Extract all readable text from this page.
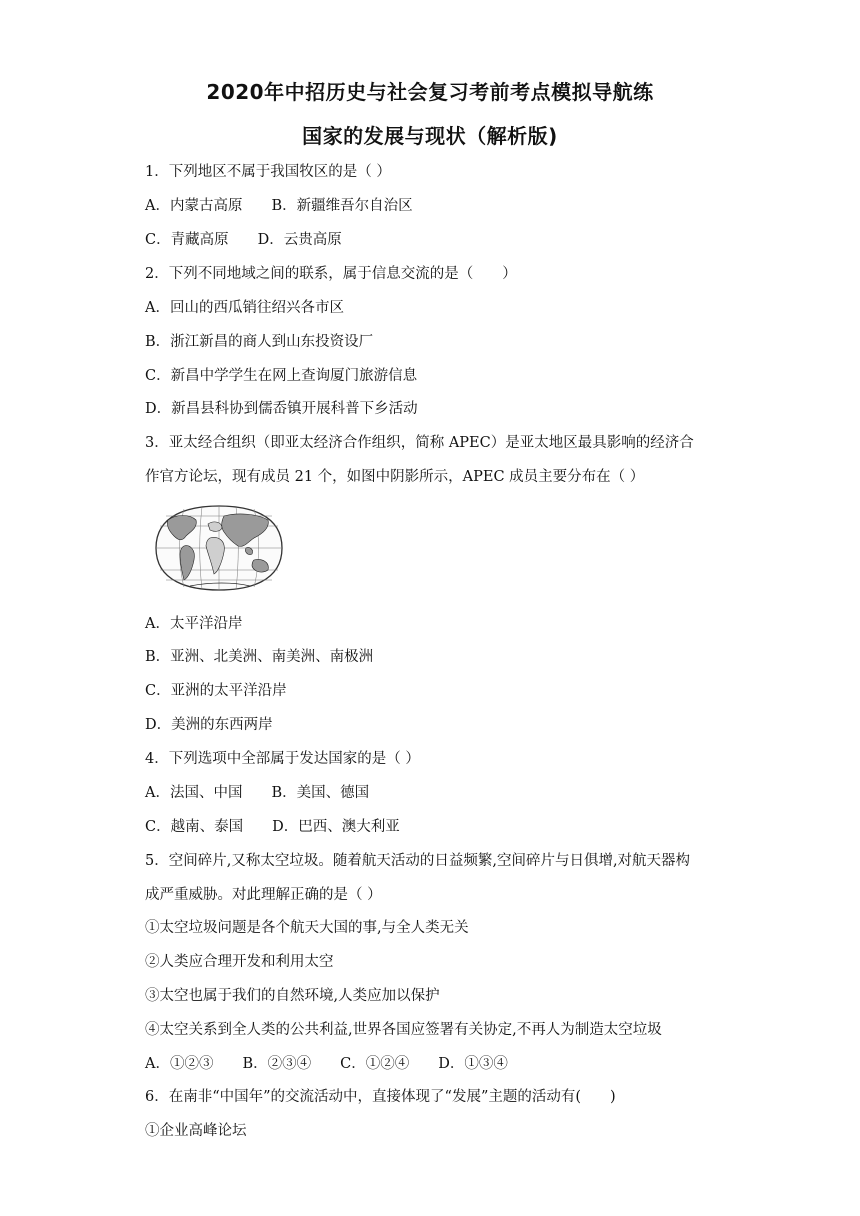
2020年中招历史与社会复习考前考点模拟导航练
国家的发展与现状（解析版)
1．下列地区不属于我国牧区的是（ ）
A．内蒙古高原　　B．新疆维吾尔自治区
C．青藏高原　　D．云贵高原
2．下列不同地域之间的联系，属于信息交流的是（　　）
A．回山的西瓜销往绍兴各市区
B．浙江新昌的商人到山东投资设厂
C．新昌中学学生在网上查询厦门旅游信息
D．新昌县科协到儒岙镇开展科普下乡活动
3．亚太经合组织（即亚太经济合作组织，简称 APEC）是亚太地区最具影响的经济合
作官方论坛，现有成员 21 个，如图中阴影所示，APEC 成员主要分布在（ ）
A．太平洋沿岸
B．亚洲、北美洲、南美洲、南极洲
C．亚洲的太平洋沿岸
D．美洲的东西两岸
4．下列选项中全部属于发达国家的是（ ）
A．法国、中国　　B．美国、德国
C．越南、泰国　　D．巴西、澳大利亚
5．空间碎片,又称太空垃圾。随着航天活动的日益频繁,空间碎片与日俱增,对航天器构
成严重威胁。对此理解正确的是（ ）
①太空垃圾问题是各个航天大国的事,与全人类无关
②人类应合理开发和利用太空
③太空也属于我们的自然环境,人类应加以保护
④太空关系到全人类的公共利益,世界各国应签署有关协定,不再人为制造太空垃圾
A．①②③　　B．②③④　　C．①②④　　D．①③④
6．在南非“中国年”的交流活动中，直接体现了“发展”主题的活动有(　　)
①企业高峰论坛
